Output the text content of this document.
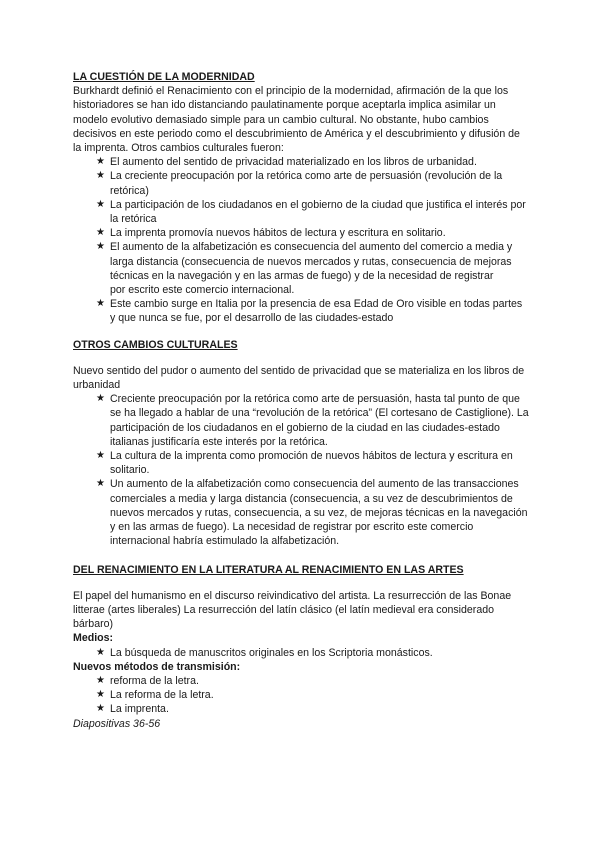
LA CUESTIÓN DE LA MODERNIDAD

Burkhardt definió el Renacimiento con el principio de la modernidad, afirmación de la que los historiadores se han ido distanciando paulatinamente porque aceptarla implica asimilar un modelo evolutivo demasiado simple para un cambio cultural. No obstante, hubo cambios decisivos en este periodo como el descubrimiento de América y el descubrimiento y difusión de la imprenta. Otros cambios culturales fueron:

★ El aumento del sentido de privacidad materializado en los libros de urbanidad.
★ La creciente preocupación por la retórica como arte de persuasión (revolución de la retórica)
★ La participación de los ciudadanos en el gobierno de la ciudad que justifica el interés por la retórica
★ La imprenta promovía nuevos hábitos de lectura y escritura en solitario.
★ El aumento de la alfabetización es consecuencia del aumento del comercio a media y larga distancia (consecuencia de nuevos mercados y rutas, consecuencia de mejoras técnicas en la navegación y en las armas de fuego) y de la necesidad de registrar
por escrito este comercio internacional.
★ Este cambio surge en Italia por la presencia de esa Edad de Oro visible en todas partes y que nunca se fue, por el desarrollo de las ciudades-estado

OTROS CAMBIOS CULTURALES

Nuevo sentido del pudor o aumento del sentido de privacidad que se materializa en los libros de urbanidad

★ Creciente preocupación por la retórica como arte de persuasión, hasta tal punto de que se ha llegado a hablar de una “revolución de la retórica” (El cortesano de Castiglione). La participación de los ciudadanos en el gobierno de la ciudad en las ciudades-estado italianas justificaría este interés por la retórica.
★ La cultura de la imprenta como promoción de nuevos hábitos de lectura y escritura en solitario.
★ Un aumento de la alfabetización como consecuencia del aumento de las transacciones comerciales a media y larga distancia (consecuencia, a su vez de descubrimientos de nuevos mercados y rutas, consecuencia, a su vez, de mejoras técnicas en la navegación y en las armas de fuego). La necesidad de registrar por escrito este comercio internacional habría estimulado la alfabetización.

DEL RENACIMIENTO EN LA LITERATURA AL RENACIMIENTO EN LAS ARTES

El papel del humanismo en el discurso reivindicativo del artista. La resurrección de las Bonae litterae (artes liberales) La resurrección del latín clásico (el latín medieval era considerado bárbaro)

Medios:

★ La búsqueda de manuscritos originales en los Scriptoria monásticos.

Nuevos métodos de transmisión:

★ reforma de la letra.
★ La reforma de la letra.
★ La imprenta.

Diapositivas 36-56
